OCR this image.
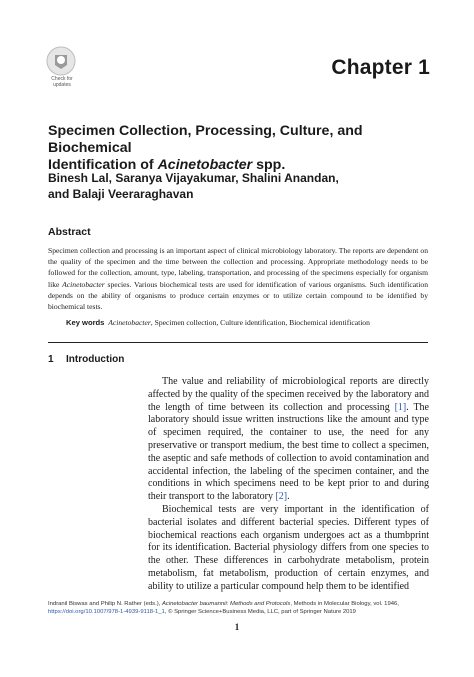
Check for
updates
Chapter 1
Specimen Collection, Processing, Culture, and Biochemical
Identification of Acinetobacter spp.
Binesh Lal, Saranya Vijayakumar, Shalini Anandan,
and Balaji Veeraraghavan
Abstract
Specimen collection and processing is an important aspect of clinical microbiology laboratory. The reports are dependent on the quality of the specimen and the time between the collection and processing. Appropriate methodology needs to be followed for the collection, amount, type, labeling, transportation, and processing of the specimens especially for organism like Acinetobacter species. Various biochemical tests are used for identification of various organisms. Such identification depends on the ability of organisms to produce certain enzymes or to utilize certain compound to be identified by biochemical tests.
Key words Acinetobacter, Specimen collection, Culture identification, Biochemical identification
1 Introduction

The value and reliability of microbiological reports are directly affected by the quality of the specimen received by the laboratory and the length of time between its collection and processing [1]. The laboratory should issue written instructions like the amount and type of specimen required, the container to use, the need for any preservative or transport medium, the best time to collect a specimen, the aseptic and safe methods of collection to avoid contamination and accidental infection, the labeling of the specimen container, and the conditions in which specimens need to be kept prior to and during their transport to the laboratory [2].

Biochemical tests are very important in the identification of bacterial isolates and different bacterial species. Different types of biochemical reactions each organism undergoes act as a thumbprint for its identification. Bacterial physiology differs from one species to the other. These differences in carbohydrate metabolism, protein metabolism, fat metabolism, production of certain enzymes, and ability to utilize a particular compound help them to be identified

Indranil Biswas and Philip N. Rather (eds.), Acinetobacter baumannii: Methods and Protocols, Methods in Molecular Biology, vol. 1946, https://doi.org/10.1007/978-1-4939-9118-1_1, © Springer Science+Business Media, LLC, part of Springer Nature 2019
1
